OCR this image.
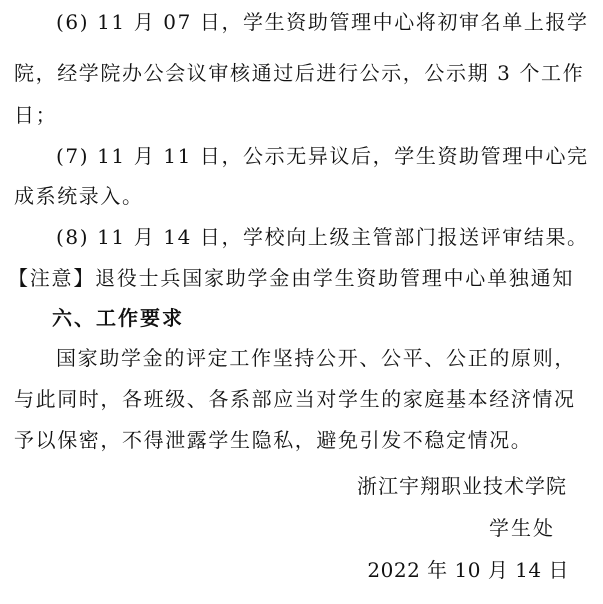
(6) 11 月 07 日，学生资助管理中心将初审名单上报学
院，经学院办公会议审核通过后进行公示，公示期 3 个工作
日；
(7) 11 月 11 日，公示无异议后，学生资助管理中心完
成系统录入。
(8) 11 月 14 日，学校向上级主管部门报送评审结果。
【注意】退役士兵国家助学金由学生资助管理中心单独通知
六、工作要求
国家助学金的评定工作坚持公开、公平、公正的原则，
与此同时，各班级、各系部应当对学生的家庭基本经济情况
予以保密，不得泄露学生隐私，避免引发不稳定情况。
浙江宇翔职业技术学院
学生处
2022 年 10 月 14 日
